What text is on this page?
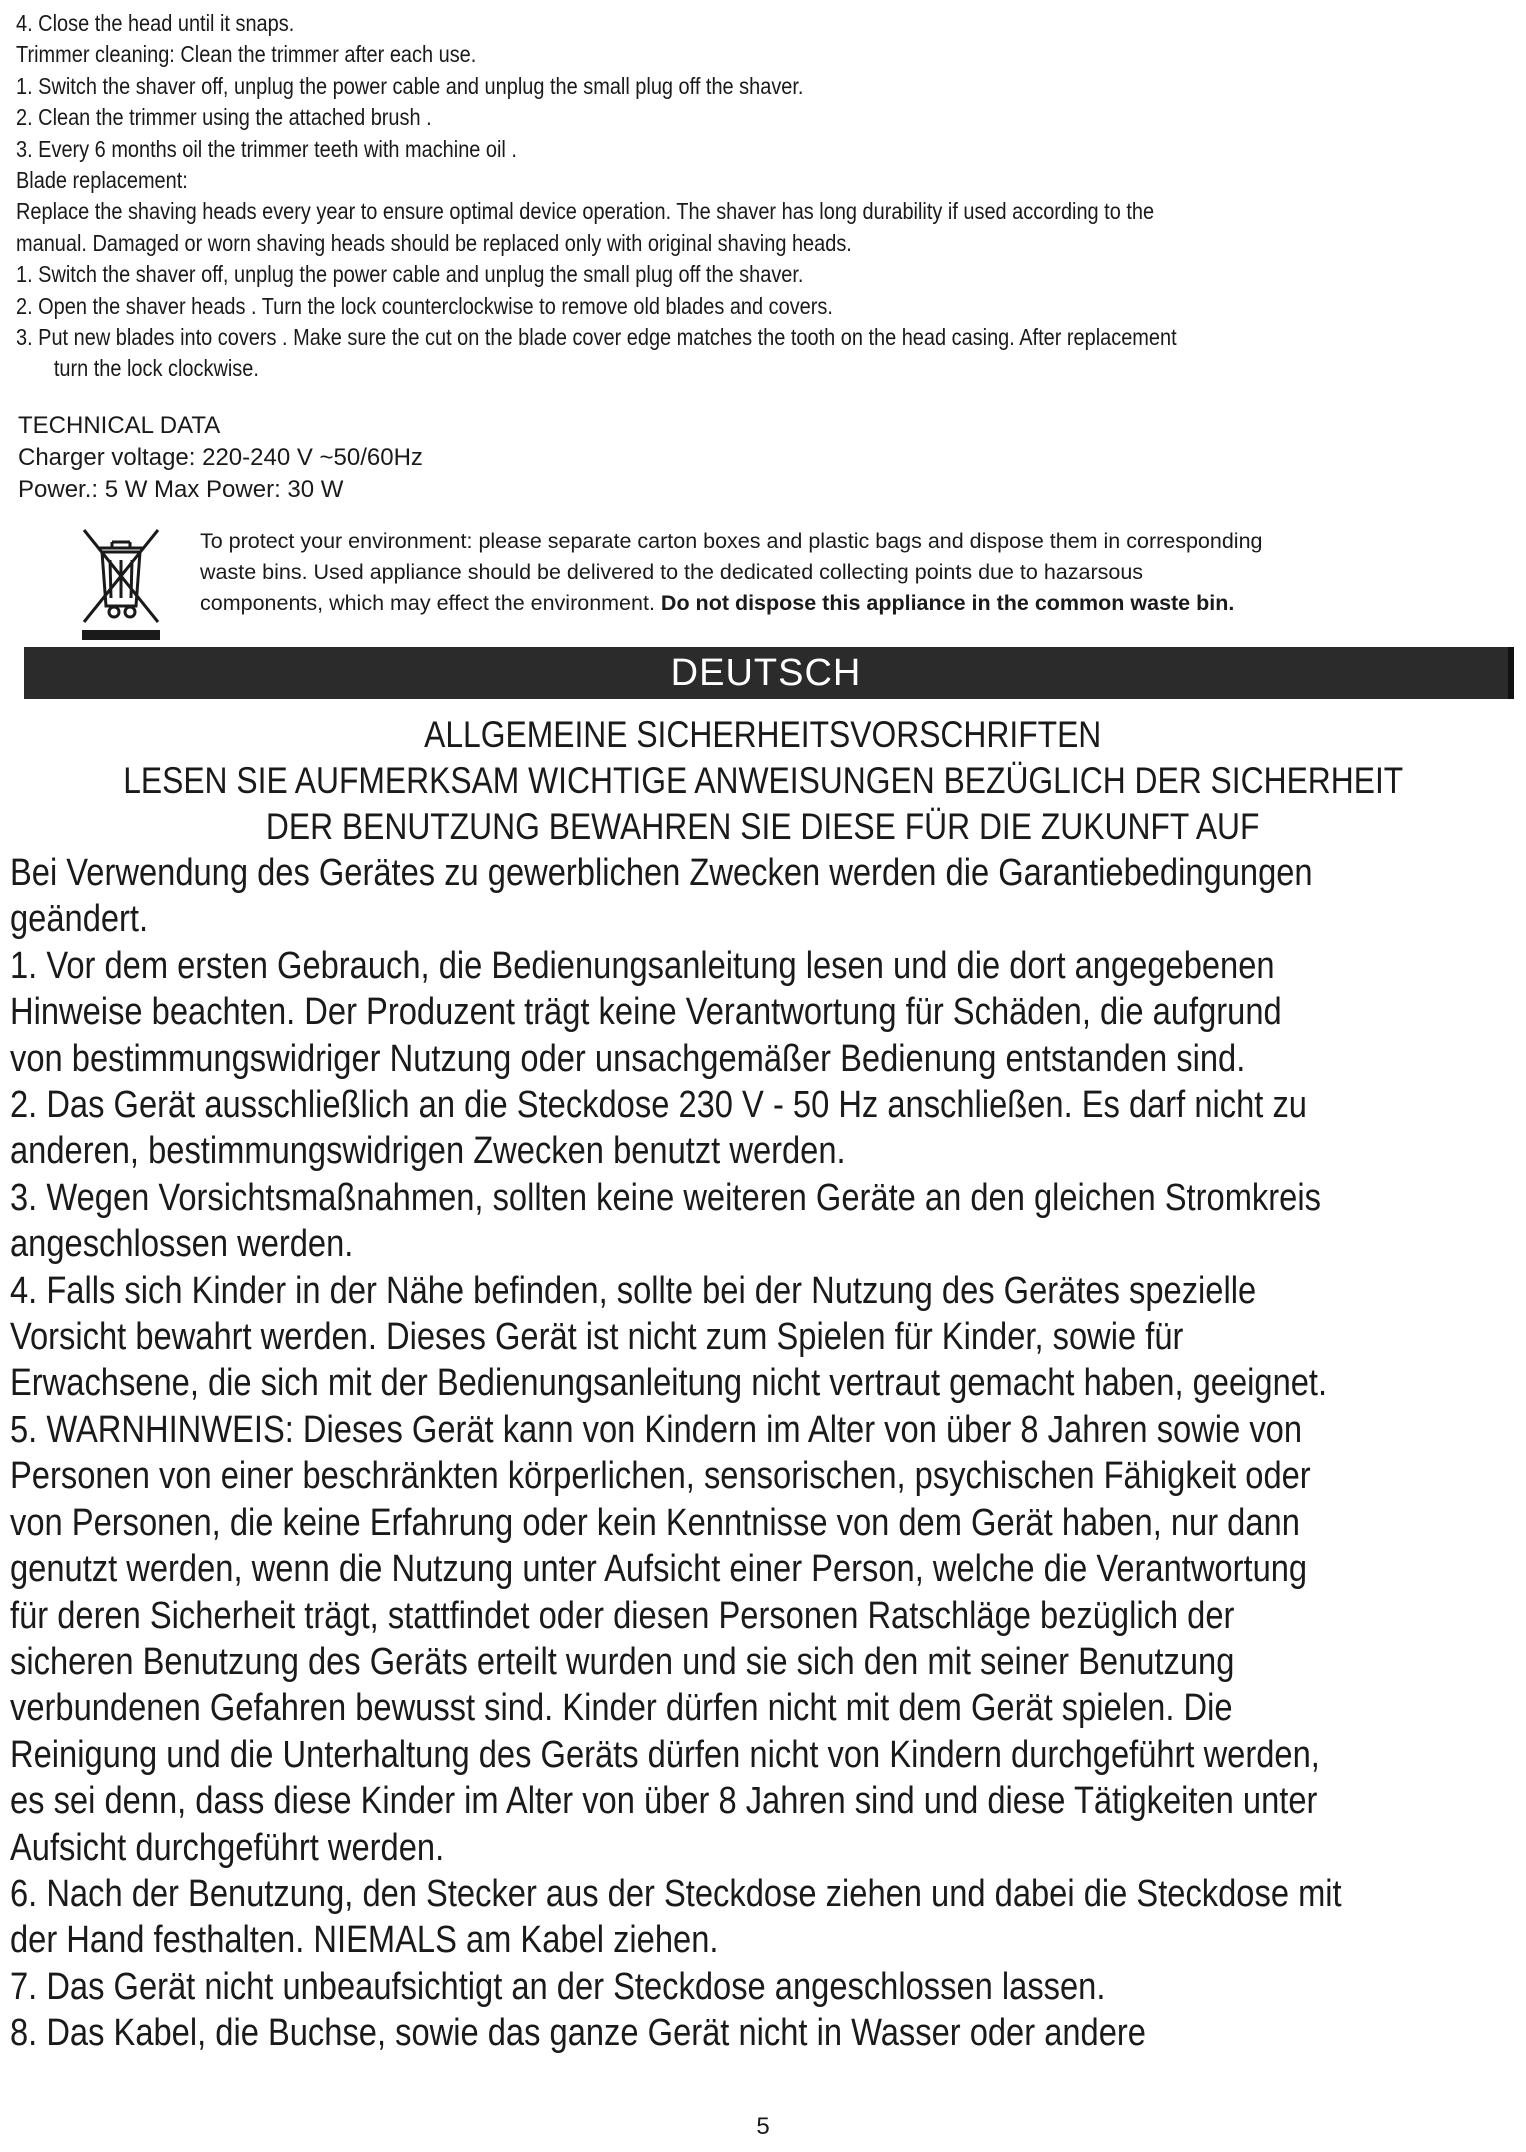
4. Close the head until it snaps.

Trimmer cleaning: Clean the trimmer after each use.

1. Switch the shaver off, unplug the power cable and unplug the small plug off the shaver.

2. Clean the trimmer using the attached brush .

3. Every 6 months oil the trimmer teeth with machine oil .

Blade replacement:

Replace the shaving heads every year to ensure optimal device operation. The shaver has long durability if used according to the

manual. Damaged or worn shaving heads should be replaced only with original shaving heads.

1. Switch the shaver off, unplug the power cable and unplug the small plug off the shaver.

2. Open the shaver heads . Turn the lock counterclockwise to remove old blades and covers.

3. Put new blades into covers . Make sure the cut on the blade cover edge matches the tooth on the head casing. After replacement

turn the lock clockwise.

TECHNICAL DATA

Charger voltage: 220-240 V ~50/60Hz

Power.: 5 W Max Power: 30 W

To protect your environment: please separate carton boxes and plastic bags and dispose them in corresponding

waste bins. Used appliance should be delivered to the dedicated collecting points due to hazarsous

components, which may effect the environment. Do not dispose this appliance in the common waste bin.

DEUTSCH

ALLGEMEINE SICHERHEITSVORSCHRIFTEN

LESEN SIE AUFMERKSAM WICHTIGE ANWEISUNGEN BEZÜGLICH DER SICHERHEIT

DER BENUTZUNG BEWAHREN SIE DIESE FÜR DIE ZUKUNFT AUF

Bei Verwendung des Gerätes zu gewerblichen Zwecken werden die Garantiebedingungen

geändert.

1. Vor dem ersten Gebrauch, die Bedienungsanleitung lesen und die dort angegebenen

Hinweise beachten. Der Produzent trägt keine Verantwortung für Schäden, die aufgrund

von bestimmungswidriger Nutzung oder unsachgemäßer Bedienung entstanden sind.

2. Das Gerät ausschließlich an die Steckdose 230 V - 50 Hz anschließen. Es darf nicht zu

anderen, bestimmungswidrigen Zwecken benutzt werden.

3. Wegen Vorsichtsmaßnahmen, sollten keine weiteren Geräte an den gleichen Stromkreis

angeschlossen werden.

4. Falls sich Kinder in der Nähe befinden, sollte bei der Nutzung des Gerätes spezielle

Vorsicht bewahrt werden. Dieses Gerät ist nicht zum Spielen für Kinder, sowie für

Erwachsene, die sich mit der Bedienungsanleitung nicht vertraut gemacht haben, geeignet.

5. WARNHINWEIS: Dieses Gerät kann von Kindern im Alter von über 8 Jahren sowie von

Personen von einer beschränkten körperlichen, sensorischen, psychischen Fähigkeit oder

von Personen, die keine Erfahrung oder kein Kenntnisse von dem Gerät haben, nur dann

genutzt werden, wenn die Nutzung unter Aufsicht einer Person, welche die Verantwortung

für deren Sicherheit trägt, stattfindet oder diesen Personen Ratschläge bezüglich der

sicheren Benutzung des Geräts erteilt wurden und sie sich den mit seiner Benutzung

verbundenen Gefahren bewusst sind. Kinder dürfen nicht mit dem Gerät spielen. Die

Reinigung und die Unterhaltung des Geräts dürfen nicht von Kindern durchgeführt werden,

es sei denn, dass diese Kinder im Alter von über 8 Jahren sind und diese Tätigkeiten unter

Aufsicht durchgeführt werden.

6. Nach der Benutzung, den Stecker aus der Steckdose ziehen und dabei die Steckdose mit

der Hand festhalten. NIEMALS am Kabel ziehen.

7. Das Gerät nicht unbeaufsichtigt an der Steckdose angeschlossen lassen.

8. Das Kabel, die Buchse, sowie das ganze Gerät nicht in Wasser oder andere

5
